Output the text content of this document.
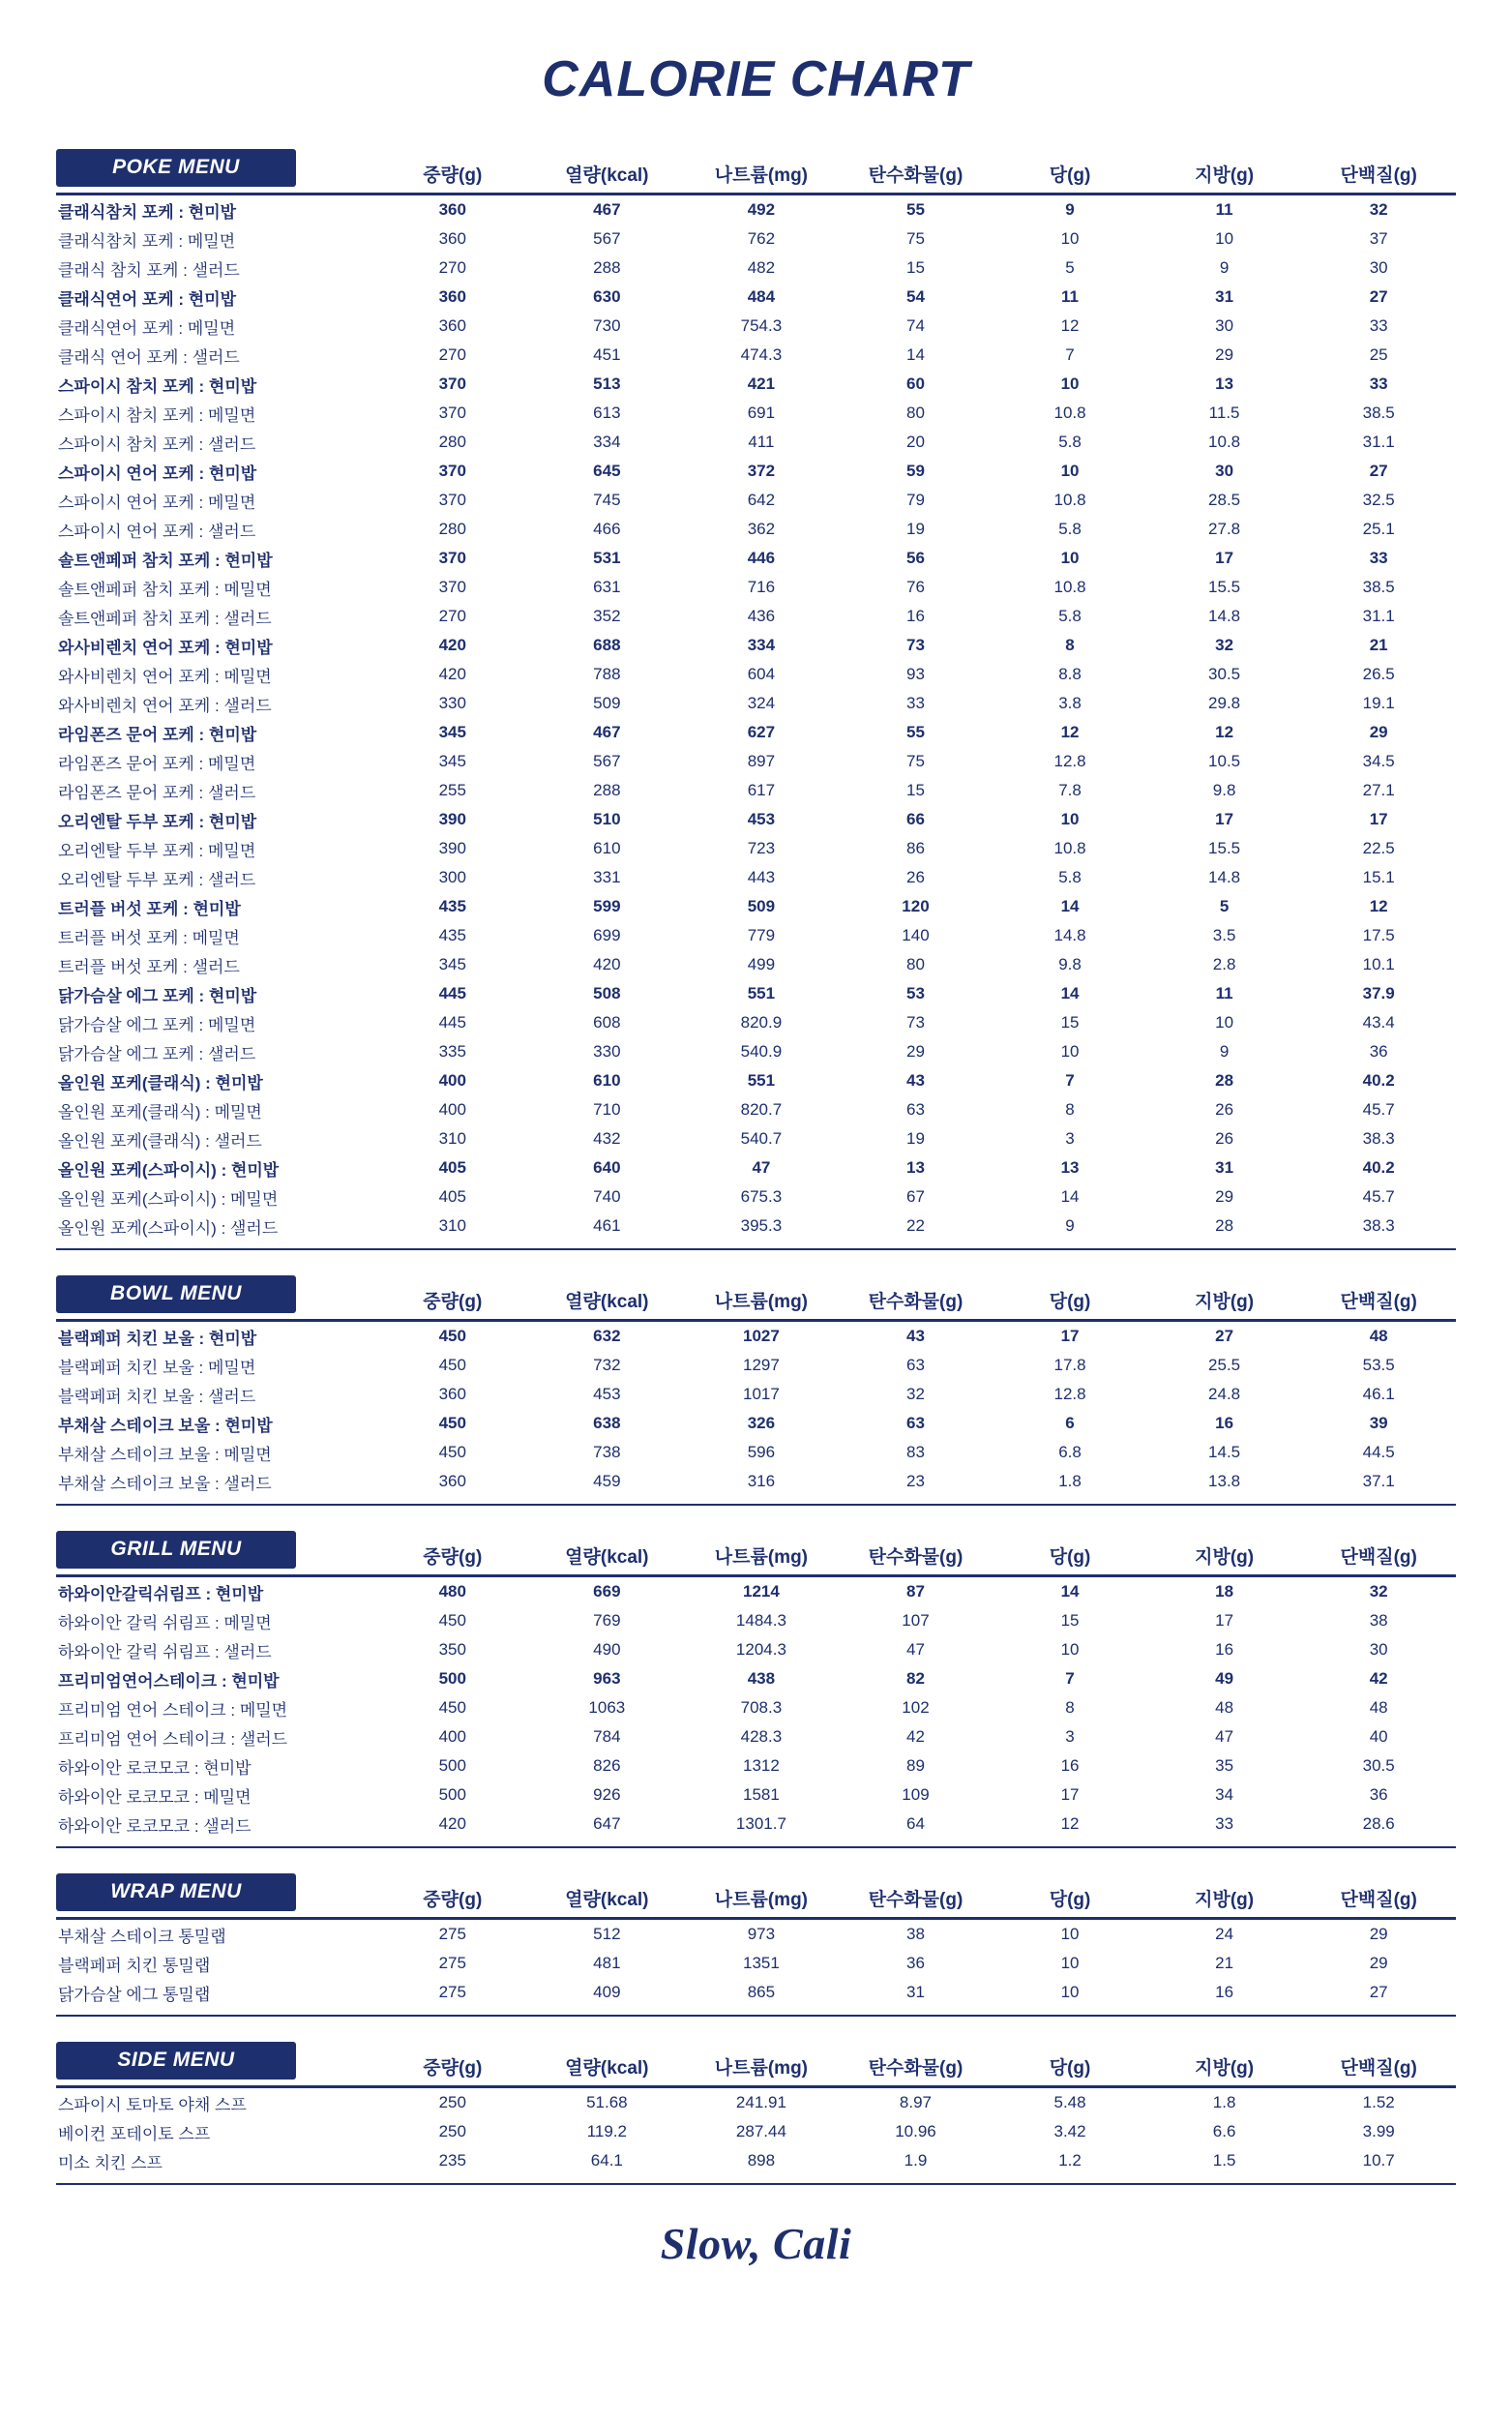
CALORIE CHART
POKE MENU	중량(g)	열량(kcal)	나트륨(mg)	탄수화물(g)	당(g)	지방(g)	단백질(g)

클래식참치 포케 : 현미밥	360	467	492	55	9	11	32
클래식참치 포케 : 메밀면	360	567	762	75	10	10	37
클래식 참치 포케 : 샐러드	270	288	482	15	5	9	30
클래식연어 포케 : 현미밥	360	630	484	54	11	31	27
클래식연어 포케 : 메밀면	360	730	754.3	74	12	30	33
클래식 연어 포케 : 샐러드	270	451	474.3	14	7	29	25
스파이시 참치 포케 : 현미밥	370	513	421	60	10	13	33
스파이시 참치 포케 : 메밀면	370	613	691	80	10.8	11.5	38.5
스파이시 참치 포케 : 샐러드	280	334	411	20	5.8	10.8	31.1
스파이시 연어 포케 : 현미밥	370	645	372	59	10	30	27
스파이시 연어 포케 : 메밀면	370	745	642	79	10.8	28.5	32.5
스파이시 연어 포케 : 샐러드	280	466	362	19	5.8	27.8	25.1
솔트앤페퍼 참치 포케 : 현미밥	370	531	446	56	10	17	33
솔트앤페퍼 참치 포케 : 메밀면	370	631	716	76	10.8	15.5	38.5
솔트앤페퍼 참치 포케 : 샐러드	270	352	436	16	5.8	14.8	31.1
와사비렌치 연어 포케 : 현미밥	420	688	334	73	8	32	21
와사비렌치 연어 포케 : 메밀면	420	788	604	93	8.8	30.5	26.5
와사비렌치 연어 포케 : 샐러드	330	509	324	33	3.8	29.8	19.1
라임폰즈 문어 포케 : 현미밥	345	467	627	55	12	12	29
라임폰즈 문어 포케 : 메밀면	345	567	897	75	12.8	10.5	34.5
라임폰즈 문어 포케 : 샐러드	255	288	617	15	7.8	9.8	27.1
오리엔탈 두부 포케 : 현미밥	390	510	453	66	10	17	17
오리엔탈 두부 포케 : 메밀면	390	610	723	86	10.8	15.5	22.5
오리엔탈 두부 포케 : 샐러드	300	331	443	26	5.8	14.8	15.1
트러플 버섯 포케 : 현미밥	435	599	509	120	14	5	12
트러플 버섯 포케 : 메밀면	435	699	779	140	14.8	3.5	17.5
트러플 버섯 포케 : 샐러드	345	420	499	80	9.8	2.8	10.1
닭가슴살 에그 포케 : 현미밥	445	508	551	53	14	11	37.9
닭가슴살 에그 포케 : 메밀면	445	608	820.9	73	15	10	43.4
닭가슴살 에그 포케 : 샐러드	335	330	540.9	29	10	9	36
올인원 포케(클래식) : 현미밥	400	610	551	43	7	28	40.2
올인원 포케(클래식) : 메밀면	400	710	820.7	63	8	26	45.7
올인원 포케(클래식) : 샐러드	310	432	540.7	19	3	26	38.3
올인원 포케(스파이시) : 현미밥	405	640	47	13	13	31	40.2
올인원 포케(스파이시) : 메밀면	405	740	675.3	67	14	29	45.7
올인원 포케(스파이시) : 샐러드	310	461	395.3	22	9	28	38.3

BOWL MENU	중량(g)	열량(kcal)	나트륨(mg)	탄수화물(g)	당(g)	지방(g)	단백질(g)

블랙페퍼 치킨 보울 : 현미밥	450	632	1027	43	17	27	48
블랙페퍼 치킨 보울 : 메밀면	450	732	1297	63	17.8	25.5	53.5
블랙페퍼 치킨 보울 : 샐러드	360	453	1017	32	12.8	24.8	46.1
부채살 스테이크 보울 : 현미밥	450	638	326	63	6	16	39
부채살 스테이크 보울 : 메밀면	450	738	596	83	6.8	14.5	44.5
부채살 스테이크 보울 : 샐러드	360	459	316	23	1.8	13.8	37.1

GRILL MENU	중량(g)	열량(kcal)	나트륨(mg)	탄수화물(g)	당(g)	지방(g)	단백질(g)

하와이안갈릭쉬림프 : 현미밥	480	669	1214	87	14	18	32
하와이안 갈릭 쉬림프 : 메밀면	450	769	1484.3	107	15	17	38
하와이안 갈릭 쉬림프 : 샐러드	350	490	1204.3	47	10	16	30
프리미엄연어스테이크 : 현미밥	500	963	438	82	7	49	42
프리미엄 연어 스테이크 : 메밀면	450	1063	708.3	102	8	48	48
프리미엄 연어 스테이크 : 샐러드	400	784	428.3	42	3	47	40
하와이안 로코모코 : 현미밥	500	826	1312	89	16	35	30.5
하와이안 로코모코 : 메밀면	500	926	1581	109	17	34	36
하와이안 로코모코 : 샐러드	420	647	1301.7	64	12	33	28.6

WRAP MENU	중량(g)	열량(kcal)	나트륨(mg)	탄수화물(g)	당(g)	지방(g)	단백질(g)

부채살 스테이크 통밀랩	275	512	973	38	10	24	29
블랙페퍼 치킨 통밀랩	275	481	1351	36	10	21	29
닭가슴살 에그 통밀랩	275	409	865	31	10	16	27

SIDE MENU	중량(g)	열량(kcal)	나트륨(mg)	탄수화물(g)	당(g)	지방(g)	단백질(g)

스파이시 토마토 야채 스프	250	51.68	241.91	8.97	5.48	1.8	1.52
베이컨 포테이토 스프	250	119.2	287.44	10.96	3.42	6.6	3.99
미소 치킨 스프	235	64.1	898	1.9	1.2	1.5	10.7

Slow, Cali
